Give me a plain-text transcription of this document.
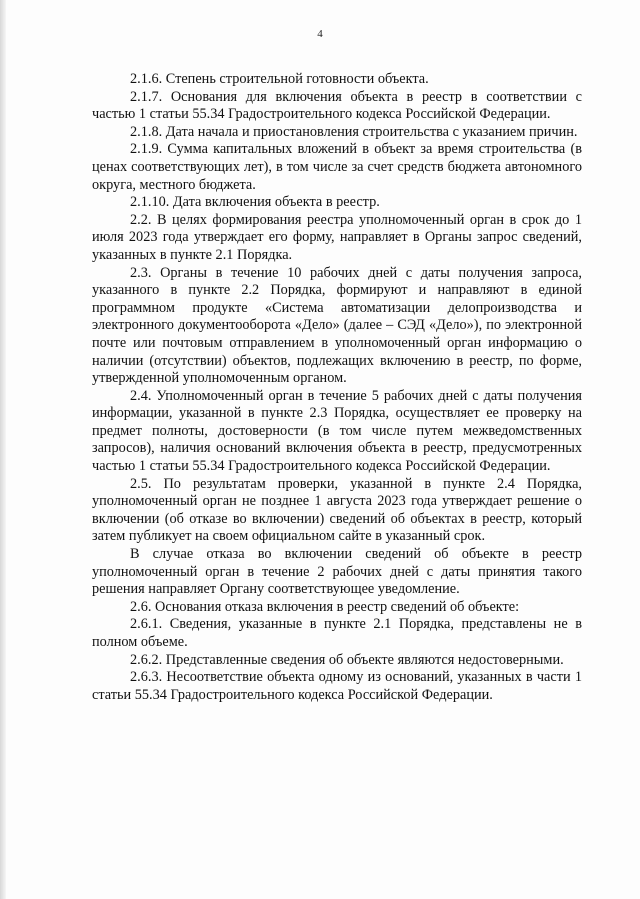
4

2.1.6. Степень строительной готовности объекта.

2.1.7. Основания для включения объекта в реестр в соответствии с частью 1 статьи 55.34 Градостроительного кодекса Российской Федерации.

2.1.8. Дата начала и приостановления строительства с указанием причин.

2.1.9. Сумма капитальных вложений в объект за время строительства (в ценах соответствующих лет), в том числе за счет средств бюджета автономного округа, местного бюджета.

2.1.10. Дата включения объекта в реестр.

2.2. В целях формирования реестра уполномоченный орган в срок до 1 июля 2023 года утверждает его форму, направляет в Органы запрос сведений, указанных в пункте 2.1 Порядка.

2.3. Органы в течение 10 рабочих дней с даты получения запроса, указанного в пункте 2.2 Порядка, формируют и направляют в единой программном продукте «Система автоматизации делопроизводства и электронного документооборота «Дело» (далее – СЭД «Дело»), по электронной почте или почтовым отправлением в уполномоченный орган информацию о наличии (отсутствии) объектов, подлежащих включению в реестр, по форме, утвержденной уполномоченным органом.

2.4. Уполномоченный орган в течение 5 рабочих дней с даты получения информации, указанной в пункте 2.3 Порядка, осуществляет ее проверку на предмет полноты, достоверности (в том числе путем межведомственных запросов), наличия оснований включения объекта в реестр, предусмотренных частью 1 статьи 55.34 Градостроительного кодекса Российской Федерации.

2.5. По результатам проверки, указанной в пункте 2.4 Порядка, уполномоченный орган не позднее 1 августа 2023 года утверждает решение о включении (об отказе во включении) сведений об объектах в реестр, который затем публикует на своем официальном сайте в указанный срок.

В случае отказа во включении сведений об объекте в реестр уполномоченный орган в течение 2 рабочих дней с даты принятия такого решения направляет Органу соответствующее уведомление.

2.6. Основания отказа включения в реестр сведений об объекте:

2.6.1. Сведения, указанные в пункте 2.1 Порядка, представлены не в полном объеме.

2.6.2. Представленные сведения об объекте являются недостоверными.

2.6.3. Несоответствие объекта одному из оснований, указанных в части 1 статьи 55.34 Градостроительного кодекса Российской Федерации.
